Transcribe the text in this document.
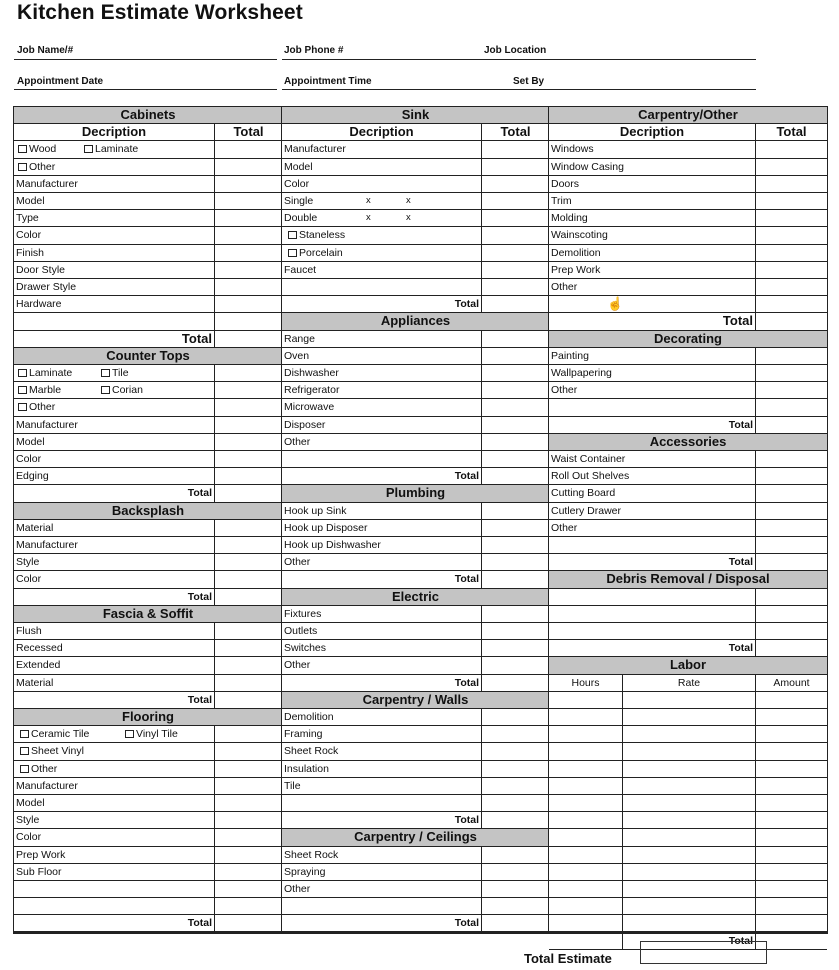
Kitchen Estimate Worksheet
Job Name/#	Job Phone #	Job Location
Appointment Date	Appointment Time	Set By
Cabinets
Decription	Total
Wood	Laminate
Other
Manufacturer
Model
Type
Color
Finish
Door Style
Drawer Style
Hardware
Total
Counter Tops
Laminate	Tile
Marble	Corian
Other
Manufacturer
Model
Color
Edging
Total
Backsplash
Material
Manufacturer
Style
Color
Total
Fascia & Soffit
Flush
Recessed
Extended
Material
Total
Flooring
Ceramic Tile	Vinyl Tile
Sheet Vinyl
Other
Manufacturer
Model
Style
Color
Prep Work
Sub Floor
Total
Sink
Decription	Total
Manufacturer
Model
Color
Single	x	x
Double	x	x
Staneless
Porcelain
Faucet
Total
Appliances
Range
Oven
Dishwasher
Refrigerator
Microwave
Disposer
Other
Total
Plumbing
Hook up Sink
Hook up Disposer
Hook up Dishwasher
Other
Total
Electric
Fixtures
Outlets
Switches
Other
Total
Carpentry / Walls
Demolition
Framing
Sheet Rock
Insulation
Tile
Total
Carpentry / Ceilings
Sheet Rock
Spraying
Other
Total
Carpentry/Other
Decription	Total
Windows
Window Casing
Doors
Trim
Molding
Wainscoting
Demolition
Prep Work
Other
Total
Decorating
Painting
Wallpapering
Other
Total
Accessories
Waist Container
Roll Out Shelves
Cutting Board
Cutlery Drawer
Other
Total
Debris Removal / Disposal
Total
Labor
Hours	Rate	Amount
Total
☝
Total Estimate
